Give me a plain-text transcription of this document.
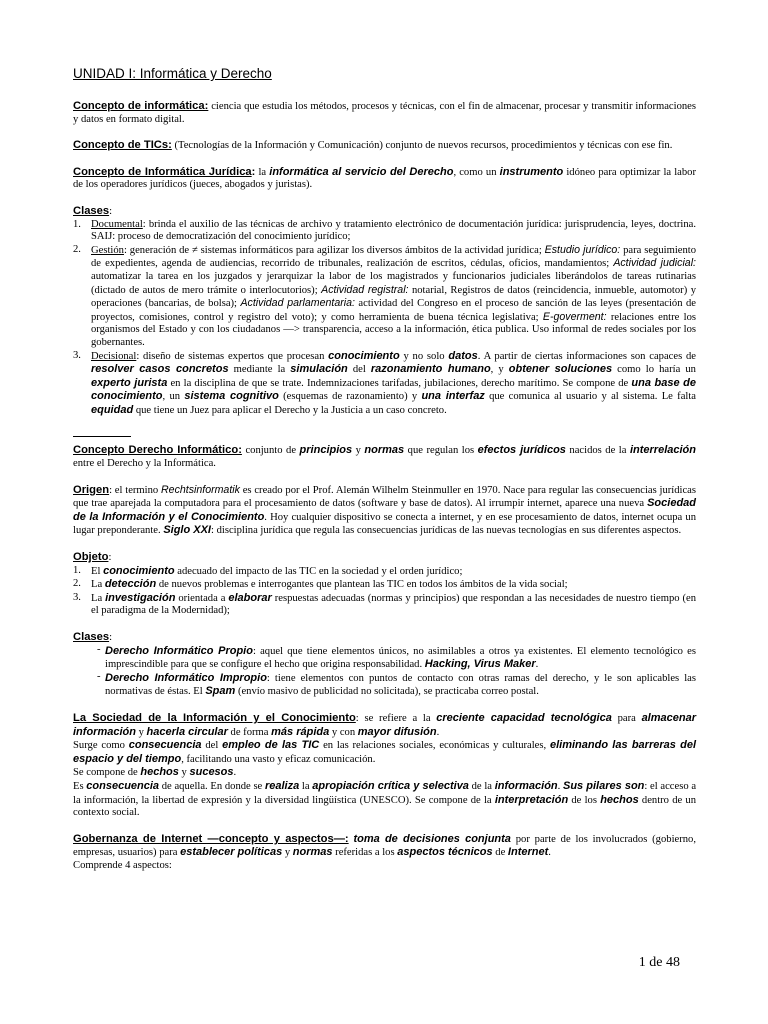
UNIDAD I: Informática y Derecho

Concepto de informática: ciencia que estudia los métodos, procesos y técnicas, con el fin de almacenar, procesar y transmitir informaciones y datos en formato digital.

Concepto de TICs: (Tecnologías de la Información y Comunicación) conjunto de nuevos recursos, procedimientos y técnicas con ese fin.

Concepto de Informática Jurídica: la informática al servicio del Derecho, como un instrumento idóneo para optimizar la labor de los operadores jurídicos (jueces, abogados y juristas).

Clases:
1. Documental: brinda el auxilio de las técnicas de archivo y tratamiento electrónico de documentación jurídica: jurisprudencia, leyes, doctrina. SAIJ: proceso de democratización del conocimiento jurídico;
2. Gestión: generación de ≠ sistemas informáticos para agilizar los diversos ámbitos de la actividad jurídica; Estudio jurídico: para seguimiento de expedientes, agenda de audiencias, recorrido de tribunales, realización de escritos, cédulas, oficios, mandamientos; Actividad judicial: automatizar la tarea en los juzgados y jerarquizar la labor de los magistrados y funcionarios judiciales liberándolos de tareas rutinarias (dictado de autos de mero trámite o interlocutorios); Actividad registral: notarial, Registros de datos (reincidencia, inmueble, automotor) y operaciones (bancarias, de bolsa); Actividad parlamentaria: actividad del Congreso en el proceso de sanción de las leyes (presentación de proyectos, comisiones, control y registro del voto); y como herramienta de buena técnica legislativa; E-goverment: relaciones entre los organismos del Estado y con los ciudadanos —> transparencia, acceso a la información, ética publica. Uso informal de redes sociales por los gobernantes.
3. Decisional: diseño de sistemas expertos que procesan conocimiento y no solo datos. A partir de ciertas informaciones son capaces de resolver casos concretos mediante la simulación del razonamiento humano, y obtener soluciones como lo haría un experto jurista en la disciplina de que se trate. Indemnizaciones tarifadas, jubilaciones, derecho marítimo. Se compone de una base de conocimiento, un sistema cognitivo (esquemas de razonamiento) y una interfaz que comunica al usuario y al sistema. Le falta equidad que tiene un Juez para aplicar el Derecho y la Justicia a un caso concreto.

Concepto Derecho Informático: conjunto de principios y normas que regulan los efectos jurídicos nacidos de la interrelación entre el Derecho y la Informática.

Origen: el termino Rechtsinformatik es creado por el Prof. Alemán Wilhelm Steinmuller en 1970. Nace para regular las consecuencias jurídicas que trae aparejada la computadora para el procesamiento de datos (software y base de datos). Al irrumpir internet, aparece una nueva Sociedad de la Información y el Conocimiento. Hoy cualquier dispositivo se conecta a internet, y en ese procesamiento de datos, internet ocupa un lugar preponderante. Siglo XXI: disciplina jurídica que regula las consecuencias jurídicas de las nuevas tecnologías en sus diferentes aspectos.

Objeto:
1. El conocimiento adecuado del impacto de las TIC en la sociedad y el orden jurídico;
2. La detección de nuevos problemas e interrogantes que plantean las TIC en todos los ámbitos de la vida social;
3. La investigación orientada a elaborar respuestas adecuadas (normas y principios) que respondan a las necesidades de nuestro tiempo (en el paradigma de la Modernidad);
Clases:
- Derecho Informático Propio: aquel que tiene elementos únicos, no asimilables a otros ya existentes. El elemento tecnológico es imprescindible para que se configure el hecho que origina responsabilidad. Hacking, Virus Maker.
- Derecho Informático Impropio: tiene elementos con puntos de contacto con otras ramas del derecho, y le son aplicables las normativas de éstas. El Spam (envío masivo de publicidad no solicitada), se practicaba correo postal.
La Sociedad de la Información y el Conocimiento: se refiere a la creciente capacidad tecnológica para almacenar información y hacerla circular de forma más rápida y con mayor difusión.
Surge como consecuencia del empleo de las TIC en las relaciones sociales, económicas y culturales, eliminando las barreras del espacio y del tiempo, facilitando una vasto y eficaz comunicación.
Se compone de hechos y sucesos.
Es consecuencia de aquella. En donde se realiza la apropiación crítica y selectiva de la información. Sus pilares son: el acceso a la información, la libertad de expresión y la diversidad lingüística (UNESCO). Se compone de la interpretación de los hechos dentro de un contexto social.
Gobernanza de Internet —concepto y aspectos—: toma de decisiones conjunta por parte de los involucrados (gobierno, empresas, usuarios) para establecer políticas y normas referidas a los aspectos técnicos de Internet.
Comprende 4 aspectos:
1 de 48
